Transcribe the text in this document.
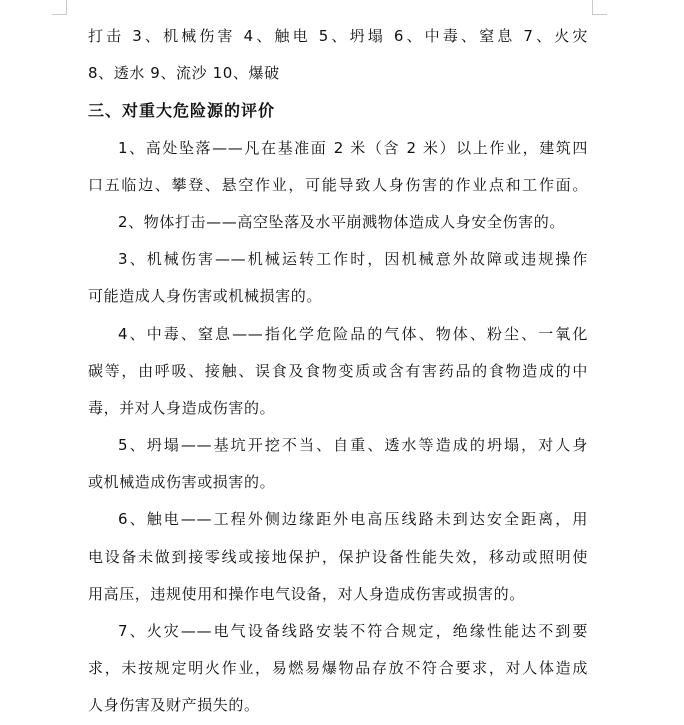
打击 3、机械伤害 4、触电 5、坍塌 6、中毒、窒息 7、火灾
8、透水 9、流沙 10、爆破
三、对重大危险源的评价
1、高处坠落——凡在基准面 2 米（含 2 米）以上作业，建筑四
口五临边、攀登、悬空作业，可能导致人身伤害的作业点和工作面。
2、物体打击——高空坠落及水平崩溅物体造成人身安全伤害的。
3、机械伤害——机械运转工作时，因机械意外故障或违规操作
可能造成人身伤害或机械损害的。
4、中毒、窒息——指化学危险品的气体、物体、粉尘、一氧化
碳等，由呼吸、接触、误食及食物变质或含有害药品的食物造成的中
毒，并对人身造成伤害的。
5、坍塌——基坑开挖不当、自重、透水等造成的坍塌，对人身
或机械造成伤害或损害的。
6、触电——工程外侧边缘距外电高压线路未到达安全距离，用
电设备未做到接零线或接地保护，保护设备性能失效，移动或照明使
用高压，违规使用和操作电气设备，对人身造成伤害或损害的。
7、火灾——电气设备线路安装不符合规定，绝缘性能达不到要
求，未按规定明火作业，易燃易爆物品存放不符合要求，对人体造成
人身伤害及财产损失的。
